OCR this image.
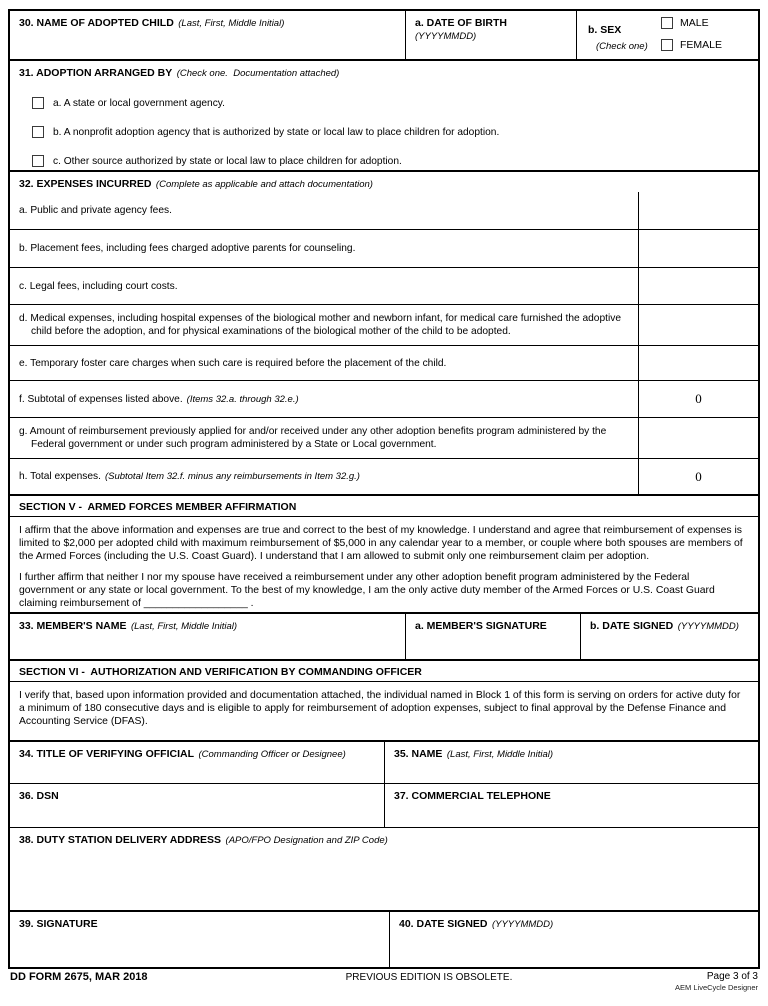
30. NAME OF ADOPTED CHILD (Last, First, Middle Initial)	a. DATE OF BIRTH (YYYYMMDD)
b. SEX
(Check one)
MALE
FEMALE
31. ADOPTION ARRANGED BY (Check one.  Documentation attached)
a. A state or local government agency.
b. A nonprofit adoption agency that is authorized by state or local law to place children for adoption.
c. Other source authorized by state or local law to place children for adoption.
32. EXPENSES INCURRED (Complete as applicable and attach documentation)
a. Public and private agency fees.
b. Placement fees, including fees charged adoptive parents for counseling.
c. Legal fees, including court costs.
d. Medical expenses, including hospital expenses of the biological mother and newborn infant, for medical care furnished the adoptive child before the adoption, and for physical examinations of the biological mother of the child to be adopted.
e. Temporary foster care charges when such care is required before the placement of the child.
f. Subtotal of expenses listed above. (Items 32.a. through 32.e.)	0
g. Amount of reimbursement previously applied for and/or received under any other adoption benefits program administered by the Federal government or under such program administered by a State or Local government.
h. Total expenses. (Subtotal Item 32.f. minus any reimbursements in Item 32.g.)	0
SECTION V -  ARMED FORCES MEMBER AFFIRMATION

I affirm that the above information and expenses are true and correct to the best of my knowledge. I understand and agree that reimbursement of expenses is limited to $2,000 per adopted child with maximum reimbursement of $5,000 in any calendar year to a member, or couple where both spouses are members of the Armed Forces (including the U.S. Coast Guard). I understand that I am allowed to submit only one reimbursement claim per adoption.

I further affirm that neither I nor my spouse have received a reimbursement under any other adoption benefit program administered by the Federal government or any state or local government. To the best of my knowledge, I am the only active duty member of the Armed Forces or U.S. Coast Guard claiming reimbursement of __________________ .

33. MEMBER'S NAME (Last, First, Middle Initial)	a. MEMBER'S SIGNATURE	b. DATE SIGNED (YYYYMMDD)
SECTION VI -  AUTHORIZATION AND VERIFICATION BY COMMANDING OFFICER

I verify that, based upon information provided and documentation attached, the individual named in Block 1 of this form is serving on orders for active duty for a minimum of 180 consecutive days and is eligible to apply for reimbursement of adoption expenses, subject to final approval by the Defense Finance and Accounting Service (DFAS).

34. TITLE OF VERIFYING OFFICIAL (Commanding Officer or Designee)	35. NAME (Last, First, Middle Initial)
36. DSN	37. COMMERCIAL TELEPHONE
38. DUTY STATION DELIVERY ADDRESS (APO/FPO Designation and ZIP Code)
39. SIGNATURE	40. DATE SIGNED (YYYYMMDD)
DD FORM 2675, MAR 2018	PREVIOUS EDITION IS OBSOLETE.	Page 3 of 3
AEM LiveCycle Designer
